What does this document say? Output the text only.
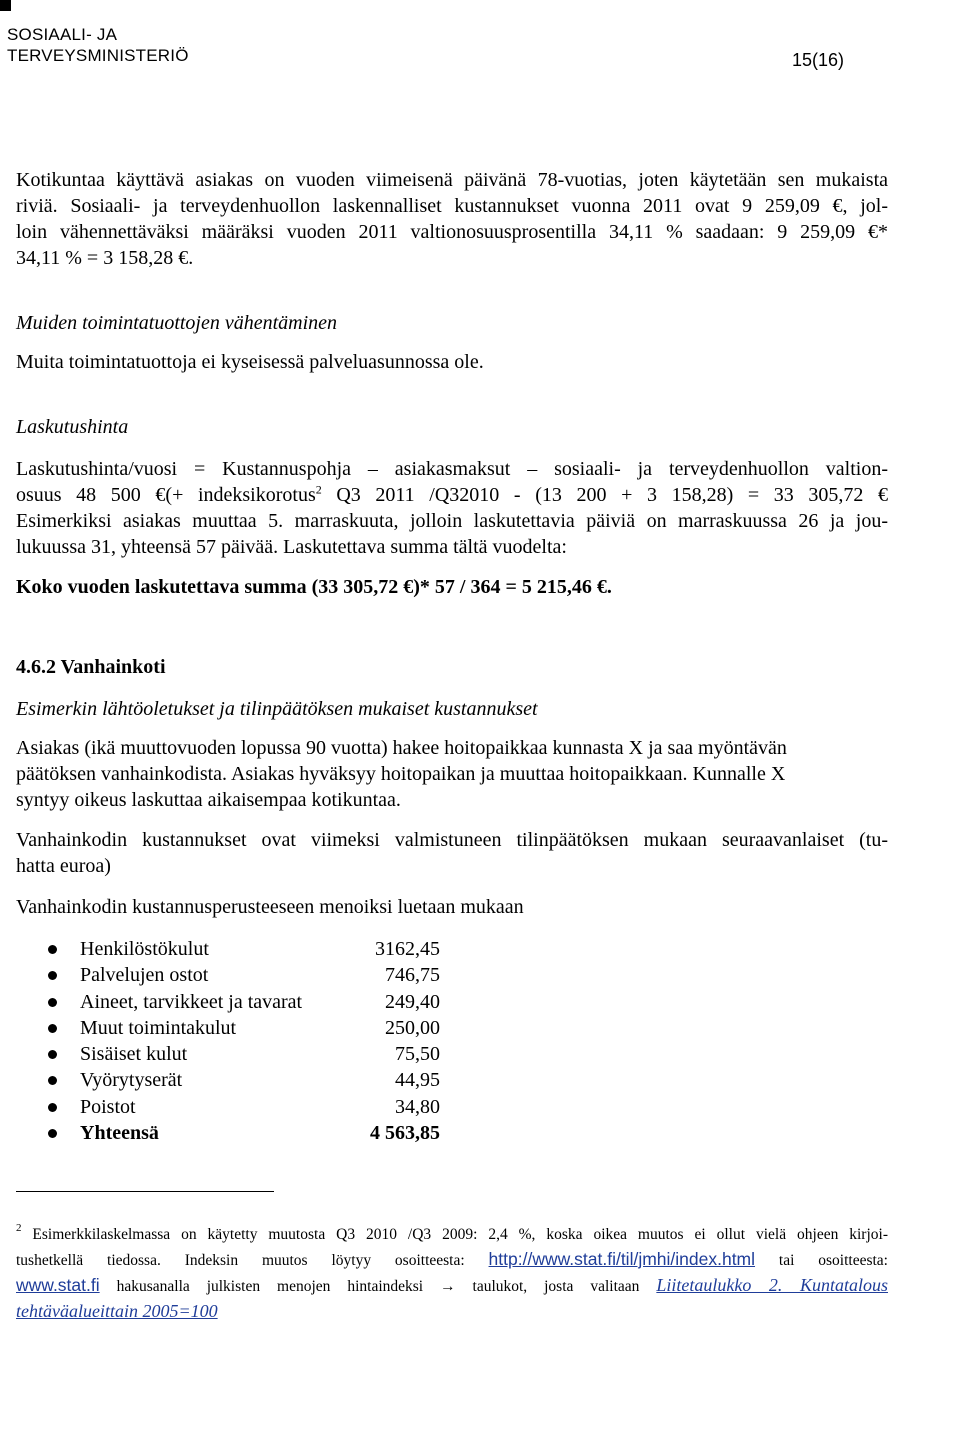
SOSIAALI- JA
TERVEYSMINISTERIÖ	15(16)
Kotikuntaa käyttävä asiakas on vuoden viimeisenä päivänä 78-vuotias, joten käytetään sen mukaista
riviä. Sosiaali- ja terveydenhuollon laskennalliset kustannukset vuonna 2011 ovat 9 259,09 €, jol-
loin vähennettäväksi määräksi vuoden 2011 valtionosuusprosentilla 34,11 % saadaan: 9 259,09 €*
34,11 % = 3 158,28 €.
Muiden toimintatuottojen vähentäminen
Muita toimintatuottoja ei kyseisessä palveluasunnossa ole.
Laskutushinta
Laskutushinta/vuosi = Kustannuspohja – asiakasmaksut – sosiaali- ja terveydenhuollon valtion-
osuus 48 500 €(+ indeksikorotus$^2$ Q3 2011 /Q32010 - (13 200 + 3 158,28) = 33 305,72 €
Esimerkiksi asiakas muuttaa 5. marraskuuta, jolloin laskutettavia päiviä on marraskuussa 26 ja jou-
lukuussa 31, yhteensä 57 päivää. Laskutettava summa tältä vuodelta:
Koko vuoden laskutettava summa (33 305,72 €)* 57 / 364 = 5 215,46 €.
4.6.2 Vanhainkoti
Esimerkin lähtöoletukset ja tilinpäätöksen mukaiset kustannukset
Asiakas (ikä muuttovuoden lopussa 90 vuotta) hakee hoitopaikkaa kunnasta X ja saa myöntävän
päätöksen vanhainkodista. Asiakas hyväksyy hoitopaikan ja muuttaa hoitopaikkaan. Kunnalle X
syntyy oikeus laskuttaa aikaisempaa kotikuntaa.
Vanhainkodin kustannukset ovat viimeksi valmistuneen tilinpäätöksen mukaan seuraavanlaiset (tu-
hatta euroa)
Vanhainkodin kustannusperusteeseen menoiksi luetaan mukaan
Henkilöstökulut	3162,45
Palvelujen ostot	746,75
Aineet, tarvikkeet ja tavarat	249,40
Muut toimintakulut	250,00
Sisäiset kulut	75,50
Vyörytyserät	44,95
Poistot	34,80
Yhteensä	4 563,85
$^2$ Esimerkkilaskelmassa on käytetty muutosta Q3 2010 /Q3 2009: 2,4 %, koska oikea muutos ei ollut vielä ohjeen kirjoi-
tushetkellä tiedossa. Indeksin muutos löytyy osoitteesta: http://www.stat.fi/til/jmhi/index.html tai osoitteesta:
www.stat.fi hakusanalla julkisten menojen hintaindeksi → taulukot, josta valitaan Liitetaulukko 2. Kuntatalous
tehtäväalueittain 2005=100
